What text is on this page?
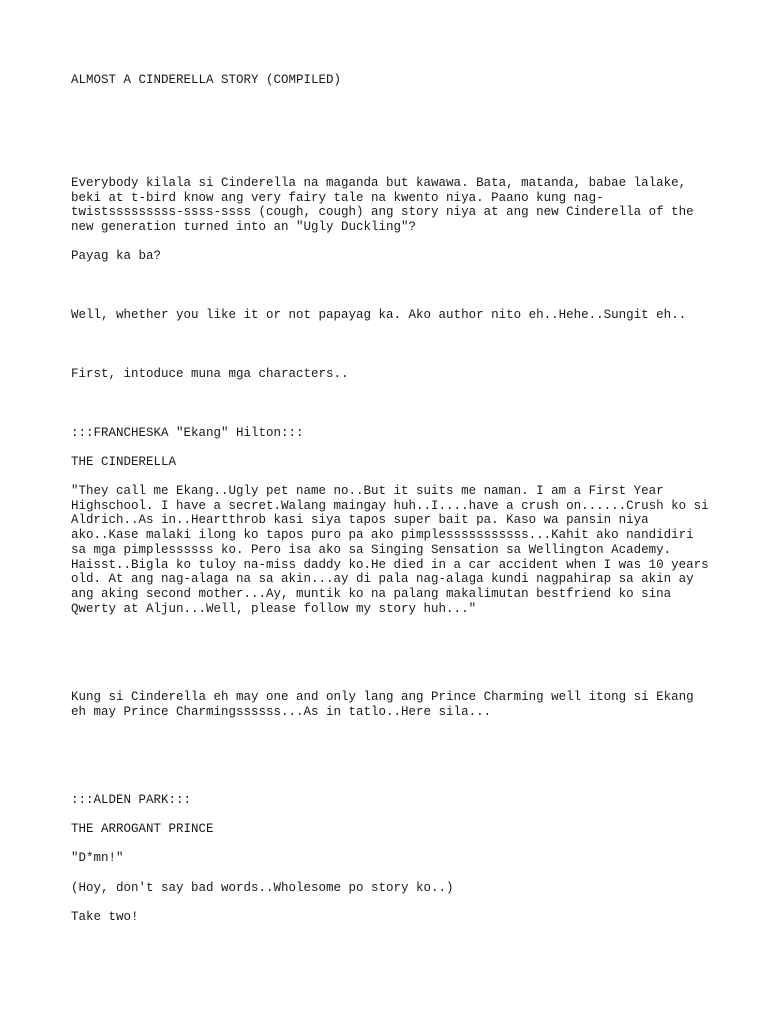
ALMOST A CINDERELLA STORY (COMPILED)

Everybody kilala si Cinderella na maganda but kawawa. Bata, matanda, babae lalake, beki at t-bird know ang very fairy tale na kwento niya. Paano kung nag-twistsssssssss-ssss-ssss (cough, cough) ang story niya at ang new Cinderella of the new generation turned into an "Ugly Duckling"?

Payag ka ba?

Well, whether you like it or not papayag ka. Ako author nito eh..Hehe..Sungit eh..

First, intoduce muna mga characters..

:::FRANCHESKA "Ekang" Hilton:::

THE CINDERELLA

"They call me Ekang..Ugly pet name no..But it suits me naman. I am a First Year Highschool. I have a secret.Walang maingay huh..I....have a crush on......Crush ko si Aldrich..As in..Heartthrob kasi siya tapos super bait pa. Kaso wa pansin niya ako..Kase malaki ilong ko tapos puro pa ako pimplesssssssssss...Kahit ako nandidiri sa mga pimplessssss ko. Pero isa ako sa Singing Sensation sa Wellington Academy. Haisst..Bigla ko tuloy na-miss daddy ko.He died in a car accident when I was 10 years old. At ang nag-alaga na sa akin...ay di pala nag-alaga kundi nagpahirap sa akin ay ang aking second mother...Ay, muntik ko na palang makalimutan bestfriend ko sina Qwerty at Aljun...Well, please follow my story huh..."

Kung si Cinderella eh may one and only lang ang Prince Charming well itong si Ekang eh may Prince Charmingssssss...As in tatlo..Here sila...

:::ALDEN PARK:::

THE ARROGANT PRINCE

"D*mn!"

(Hoy, don't say bad words..Wholesome po story ko..)

Take two!
